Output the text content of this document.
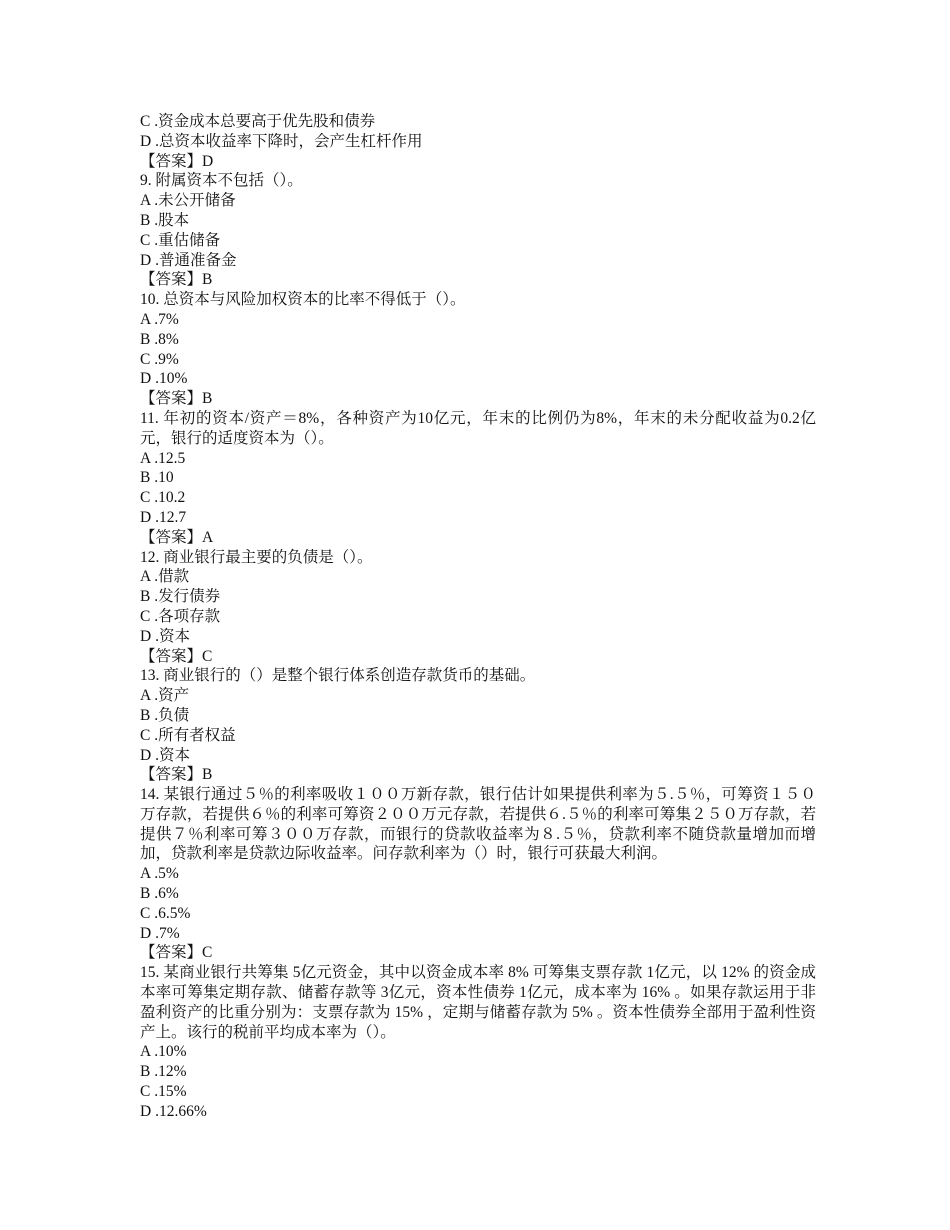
C .资金成本总要高于优先股和债券
D .总资本收益率下降时，会产生杠杆作用
【答案】D
9. 附属资本不包括（）。
A .未公开储备
B .股本
C .重估储备
D .普通准备金
【答案】B
10. 总资本与风险加权资本的比率不得低于（）。
A .7%
B .8%
C .9%
D .10%
【答案】B
11. 年初的资本/资产＝8%，各种资产为10亿元，年末的比例仍为8%，年末的未分配收益为0.2亿元，银行的适度资本为（）。
A .12.5
B .10
C .10.2
D .12.7
【答案】A
12. 商业银行最主要的负债是（）。
A .借款
B .发行债券
C .各项存款
D .资本
【答案】C
13. 商业银行的（）是整个银行体系创造存款货币的基础。
A .资产
B .负债
C .所有者权益
D .资本
【答案】B
14. 某银行通过５％的利率吸收１００万新存款，银行估计如果提供利率为５.５％，可筹资１５０万存款，若提供６％的利率可筹资２００万元存款，若提供６.５％的利率可筹集２５０万存款，若提供７％利率可筹３００万存款，而银行的贷款收益率为８.５％，贷款利率不随贷款量增加而增加，贷款利率是贷款边际收益率。问存款利率为（）时，银行可获最大利润。
A .5%
B .6%
C .6.5%
D .7%
【答案】C
15. 某商业银行共筹集 5亿元资金，其中以资金成本率 8% 可筹集支票存款 1亿元，以 12% 的资金成本率可筹集定期存款、储蓄存款等 3亿元，资本性债券 1亿元，成本率为 16% 。如果存款运用于非盈利资产的比重分别为：支票存款为 15% ，定期与储蓄存款为 5% 。资本性债券全部用于盈利性资产上。该行的税前平均成本率为（）。
A .10%
B .12%
C .15%
D .12.66%
